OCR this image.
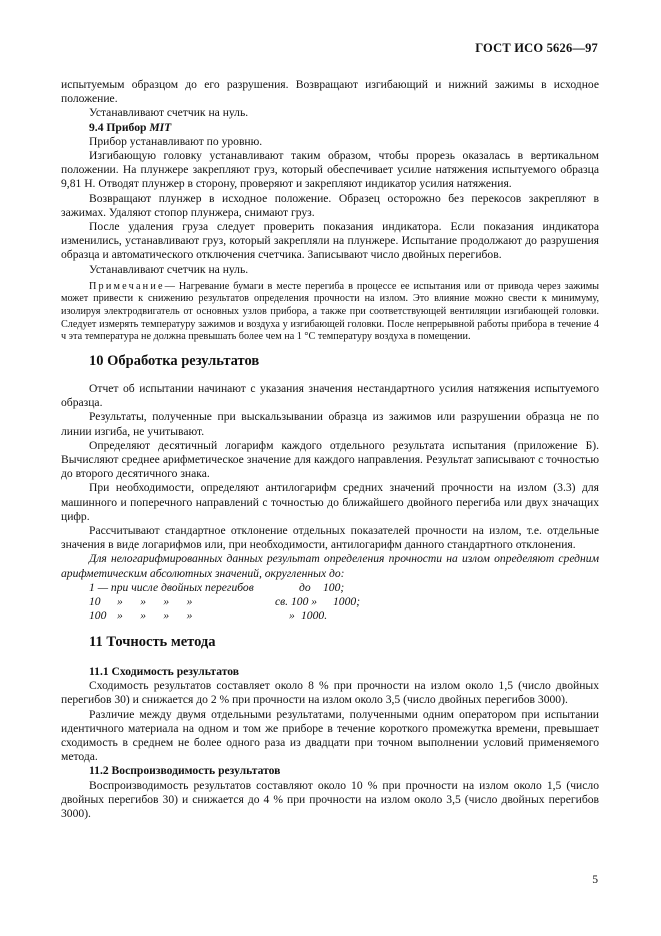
ГОСТ ИСО 5626—97

испытуемым образцом до его разрушения. Возвращают изгибающий и нижний зажимы в исходное положение.

Устанавливают счетчик на нуль.

9.4 Прибор MIT

Прибор устанавливают по уровню.

Изгибающую головку устанавливают таким образом, чтобы прорезь оказалась в вертикальном положении. На плунжере закрепляют груз, который обеспечивает усилие натяжения испытуемого образца 9,81 Н. Отводят плунжер в сторону, проверяют и закрепляют индикатор усилия натяжения.

Возвращают плунжер в исходное положение. Образец осторожно без перекосов закрепляют в зажимах. Удаляют стопор плунжера, снимают груз.

После удаления груза следует проверить показания индикатора. Если показания индикатора изменились, устанавливают груз, который закрепляли на плунжере. Испытание продолжают до разрушения образца и автоматического отключения счетчика. Записывают число двойных перегибов.

Устанавливают счетчик на нуль.

Примечание— Нагревание бумаги в месте перегиба в процессе ее испытания или от привода через зажимы может привести к снижению результатов определения прочности на излом. Это влияние можно свести к минимуму, изолируя электродвигатель от основных узлов прибора, а также при соответствующей вентиляции изгибающей головки. Следует измерять температуру зажимов и воздуха у изгибающей головки. После непрерывной работы прибора в течение 4 ч эта температура не должна превышать более чем на 1 °С температуру воздуха в помещении.

10 Обработка результатов

Отчет об испытании начинают с указания значения нестандартного усилия натяжения испытуемого образца.

Результаты, полученные при выскальзывании образца из зажимов или разрушении образца не по линии изгиба, не учитывают.

Определяют десятичный логарифм каждого отдельного результата испытания (приложение Б). Вычисляют среднее арифметическое значение для каждого направления. Результат записывают с точностью до второго десятичного знака.

При необходимости, определяют антилогарифм средних значений прочности на излом (3.3) для машинного и поперечного направлений с точностью до ближайшего двойного перегиба или двух значащих цифр.

Рассчитывают стандартное отклонение отдельных показателей прочности на излом, т.е. отдельные значения в виде логарифмов или, при необходимости, антилогарифм данного стандартного отклонения.

Для нелогарифмированных данных результат определения прочности на излом определяют средним арифметическим абсолютных значений, округленных до:

1 — при числе двойных перегибов	до 100;
10 »      »      »      »	св. 100 » 1000;
100 »      »      »      »	» 1000.
11 Точность метода
11.1 Сходимость результатов

Сходимость результатов составляет около 8 % при прочности на излом около 1,5 (число двойных перегибов 30) и снижается до 2 % при прочности на излом около 3,5 (число двойных перегибов 3000).

Различие между двумя отдельными результатами, полученными одним оператором при испытании идентичного материала на одном и том же приборе в течение короткого промежутка времени, превышает сходимость в среднем не более одного раза из двадцати при точном выполнении условий применяемого метода.

11.2 Воспроизводимость результатов

Воспроизводимость результатов составляют около 10 % при прочности на излом около 1,5 (число двойных перегибов 30) и снижается до 4 % при прочности на излом около 3,5 (число двойных перегибов 3000).

5
